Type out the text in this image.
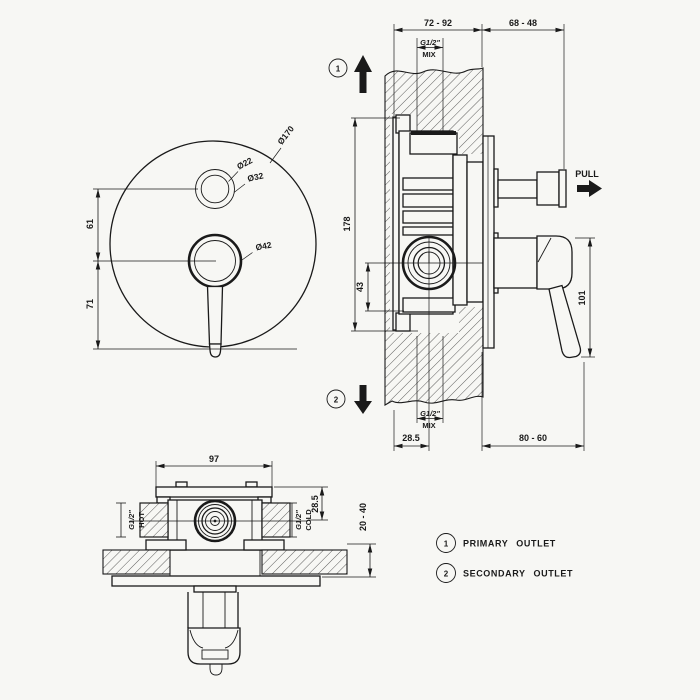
Ø170
Ø22
Ø32
Ø42
61
71
PULL
1
2
72 - 92	68 - 48
G1/2"
MIX
178
43
101
G1/2"
MIX
28.5	80 - 60
97
G1/2" HOT	G1/2" COLD
28.5	20 - 40
1 PRIMARY OUTLET
2 SECONDARY OUTLET
